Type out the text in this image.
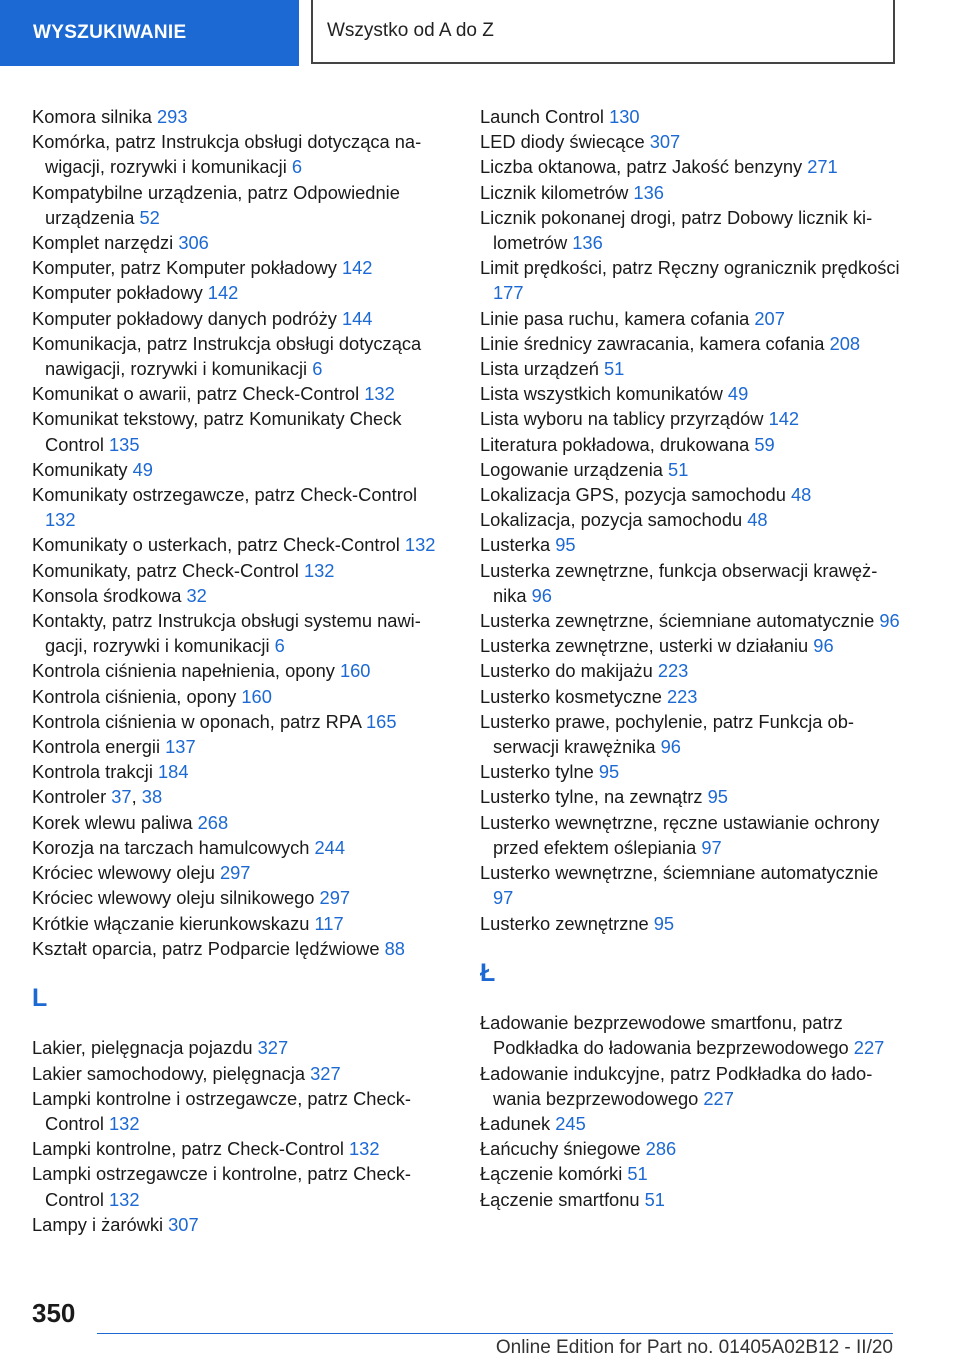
WYSZUKIWANIE	Wszystko od A do Z
Komora silnika 293
Komórka, patrz Instrukcja obsługi dotycząca nawigacji, rozrywki i komunikacji 6
Kompatybilne urządzenia, patrz Odpowiednie urządzenia 52
Komplet narzędzi 306
Komputer, patrz Komputer pokładowy 142
Komputer pokładowy 142
Komputer pokładowy danych podróży 144
Komunikacja, patrz Instrukcja obsługi dotycząca nawigacji, rozrywki i komunikacji 6
Komunikat o awarii, patrz Check-Control 132
Komunikat tekstowy, patrz Komunikaty Check Control 135
Komunikaty 49
Komunikaty ostrzegawcze, patrz Check-Control 132
Komunikaty o usterkach, patrz Check-Control 132
Komunikaty, patrz Check-Control 132
Konsola środkowa 32
Kontakty, patrz Instrukcja obsługi systemu nawigacji, rozrywki i komunikacji 6
Kontrola ciśnienia napełnienia, opony 160
Kontrola ciśnienia, opony 160
Kontrola ciśnienia w oponach, patrz RPA 165
Kontrola energii 137
Kontrola trakcji 184
Kontroler 37, 38
Korek wlewu paliwa 268
Korozja na tarczach hamulcowych 244
Króciec wlewowy oleju 297
Króciec wlewowy oleju silnikowego 297
Krótkie włączanie kierunkowskazu 117
Kształt oparcia, patrz Podparcie lędźwiowe 88
L
Lakier, pielęgnacja pojazdu 327
Lakier samochodowy, pielęgnacja 327
Lampki kontrolne i ostrzegawcze, patrz Check-Control 132
Lampki kontrolne, patrz Check-Control 132
Lampki ostrzegawcze i kontrolne, patrz Check-Control 132
Lampy i żarówki 307
Launch Control 130
LED diody świecące 307
Liczba oktanowa, patrz Jakość benzyny 271
Licznik kilometrów 136
Licznik pokonanej drogi, patrz Dobowy licznik kilometrów 136
Limit prędkości, patrz Ręczny ogranicznik prędkości 177
Linie pasa ruchu, kamera cofania 207
Linie średnicy zawracania, kamera cofania 208
Lista urządzeń 51
Lista wszystkich komunikatów 49
Lista wyboru na tablicy przyrządów 142
Literatura pokładowa, drukowana 59
Logowanie urządzenia 51
Lokalizacja GPS, pozycja samochodu 48
Lokalizacja, pozycja samochodu 48
Lusterka 95
Lusterka zewnętrzne, funkcja obserwacji krawężnika 96
Lusterka zewnętrzne, ściemniane automatycznie 96
Lusterka zewnętrzne, usterki w działaniu 96
Lusterko do makijażu 223
Lusterko kosmetyczne 223
Lusterko prawe, pochylenie, patrz Funkcja obserwacji krawężnika 96
Lusterko tylne 95
Lusterko tylne, na zewnątrz 95
Lusterko wewnętrzne, ręczne ustawianie ochrony przed efektem oślepiania 97
Lusterko wewnętrzne, ściemniane automatycznie 97
Lusterko zewnętrzne 95
Ł
Ładowanie bezprzewodowe smartfonu, patrz Podkładka do ładowania bezprzewodowego 227
Ładowanie indukcyjne, patrz Podkładka do ładowania bezprzewodowego 227
Ładunek 245
Łańcuchy śniegowe 286
Łączenie komórki 51
Łączenie smartfonu 51
350
Online Edition for Part no. 01405A02B12 - II/20
